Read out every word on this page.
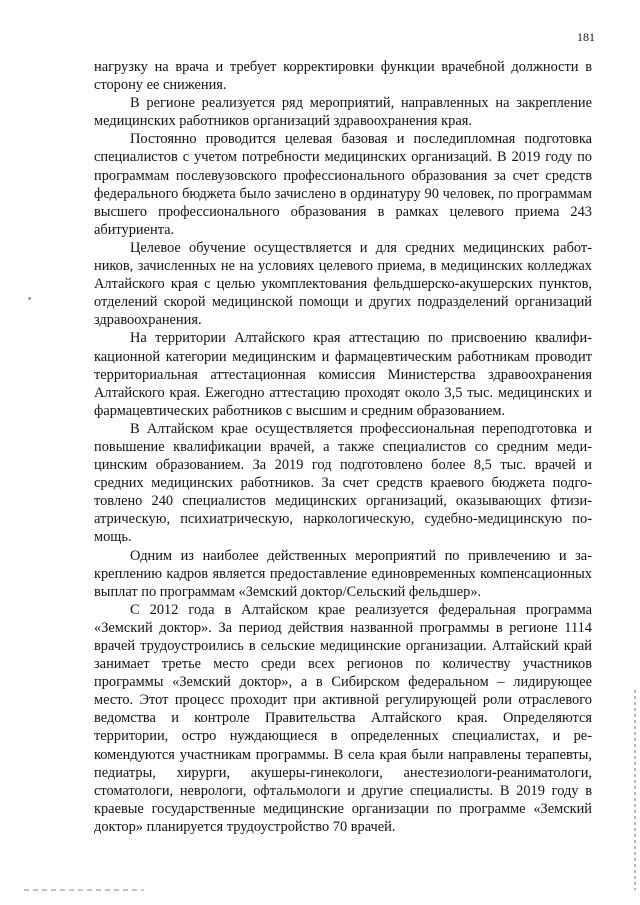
181

нагрузку на врача и требует корректировки функции врачебной должности в сторону ее снижения.

В регионе реализуется ряд мероприятий, направленных на закрепление медицинских работников организаций здравоохранения края.

Постоянно проводится целевая базовая и последипломная подготовка специалистов с учетом потребности медицинских организаций. В 2019 году по программам послевузовского профессионального образования за счет средств федерального бюджета было зачислено в ординатуру 90 человек, по программам высшего профессионального образования в рамках целевого приема 243 абитуриента.

Целевое обучение осуществляется и для средних медицинских работников, зачисленных не на условиях целевого приема, в медицинских колледжах Алтайского края с целью укомплектования фельдшерско-акушерских пунктов, отделений скорой медицинской помощи и других подразделений организаций здравоохранения.

На территории Алтайского края аттестацию по присвоению квалификационной категории медицинским и фармацевтическим работникам проводит территориальная аттестационная комиссия Министерства здравоохранения Алтайского края. Ежегодно аттестацию проходят около 3,5 тыс. медицинских и фармацевтических работников с высшим и средним образованием.

В Алтайском крае осуществляется профессиональная переподготовка и повышение квалификации врачей, а также специалистов со средним медицинским образованием. За 2019 год подготовлено более 8,5 тыс. врачей и средних медицинских работников. За счет средств краевого бюджета подготовлено 240 специалистов медицинских организаций, оказывающих фтизиатрическую, психиатрическую, наркологическую, судебно-медицинскую помощь.

Одним из наиболее действенных мероприятий по привлечению и закреплению кадров является предоставление единовременных компенсационных выплат по программам «Земский доктор/Сельский фельдшер».

С 2012 года в Алтайском крае реализуется федеральная программа «Земский доктор». За период действия названной программы в регионе 1114 врачей трудоустроились в сельские медицинские организации. Алтайский край занимает третье место среди всех регионов по количеству участников программы «Земский доктор», а в Сибирском федеральном – лидирующее место. Этот процесс проходит при активной регулирующей роли отраслевого ведомства и контроле Правительства Алтайского края. Определяются территории, остро нуждающиеся в определенных специалистах, и рекомендуются участникам программы. В села края были направлены терапевты, педиатры, хирурги, акушеры-гинекологи, анестезиологи-реаниматологи, стоматологи, неврологи, офтальмологи и другие специалисты. В 2019 году в краевые государственные медицинские организации по программе «Земский доктор» планируется трудоустройство 70 врачей.
